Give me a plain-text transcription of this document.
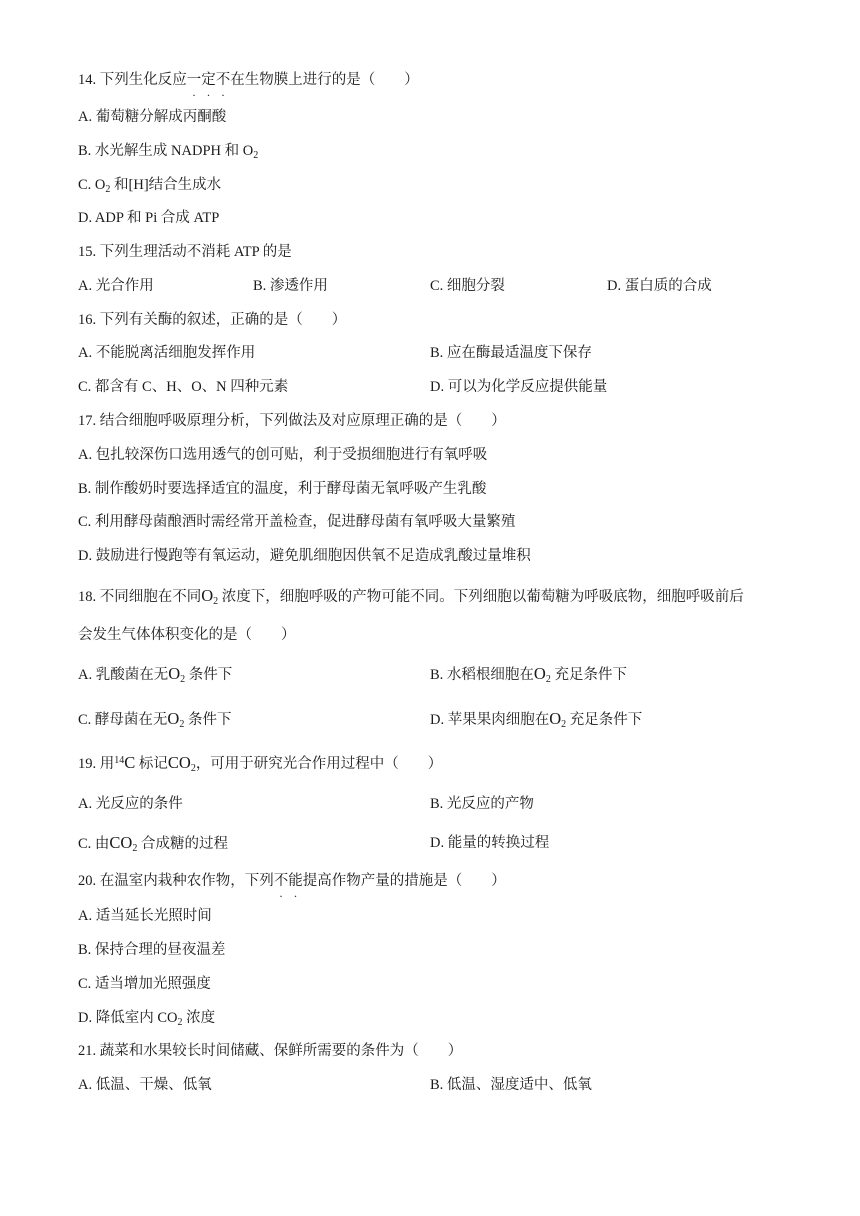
14. 下列生化反应一定不在生物膜上进行的是（　　）
A. 葡萄糖分解成丙酮酸
B. 水光解生成 NADPH 和 $O_2$
C. $O_2$ 和[H]结合生成水
D. ADP 和 Pi 合成 ATP
15. 下列生理活动不消耗 ATP 的是
A. 光合作用	B. 渗透作用	C. 细胞分裂	D. 蛋白质的合成
16. 下列有关酶的叙述，正确的是（　　）
A. 不能脱离活细胞发挥作用	B. 应在酶最适温度下保存
C. 都含有 C、H、O、N 四种元素	D. 可以为化学反应提供能量
17. 结合细胞呼吸原理分析，下列做法及对应原理正确的是（　　）
A. 包扎较深伤口选用透气的创可贴，利于受损细胞进行有氧呼吸
B. 制作酸奶时要选择适宜的温度，利于酵母菌无氧呼吸产生乳酸
C. 利用酵母菌酿酒时需经常开盖检查，促进酵母菌有氧呼吸大量繁殖
D. 鼓励进行慢跑等有氧运动，避免肌细胞因供氧不足造成乳酸过量堆积
18. 不同细胞在不同$O_2$ 浓度下，细胞呼吸的产物可能不同。下列细胞以葡萄糖为呼吸底物，细胞呼吸前后
会发生气体体积变化的是（　　）
A. 乳酸菌在无$O_2$ 条件下	B. 水稻根细胞在$O_2$ 充足条件下
C. 酵母菌在无$O_2$ 条件下	D. 苹果果肉细胞在$O_2$ 充足条件下
19. 用$^{14}$C 标记$CO_2$，可用于研究光合作用过程中（　　）
A. 光反应的条件	B. 光反应的产物
C. 由$CO_2$ 合成糖的过程	D. 能量的转换过程
20. 在温室内栽种农作物，下列不能提高作物产量的措施是（　　）
A. 适当延长光照时间
B. 保持合理的昼夜温差
C. 适当增加光照强度
D. 降低室内 $CO_2$ 浓度
21. 蔬菜和水果较长时间储藏、保鲜所需要的条件为（　　）
A. 低温、干燥、低氧	B. 低温、湿度适中、低氧
